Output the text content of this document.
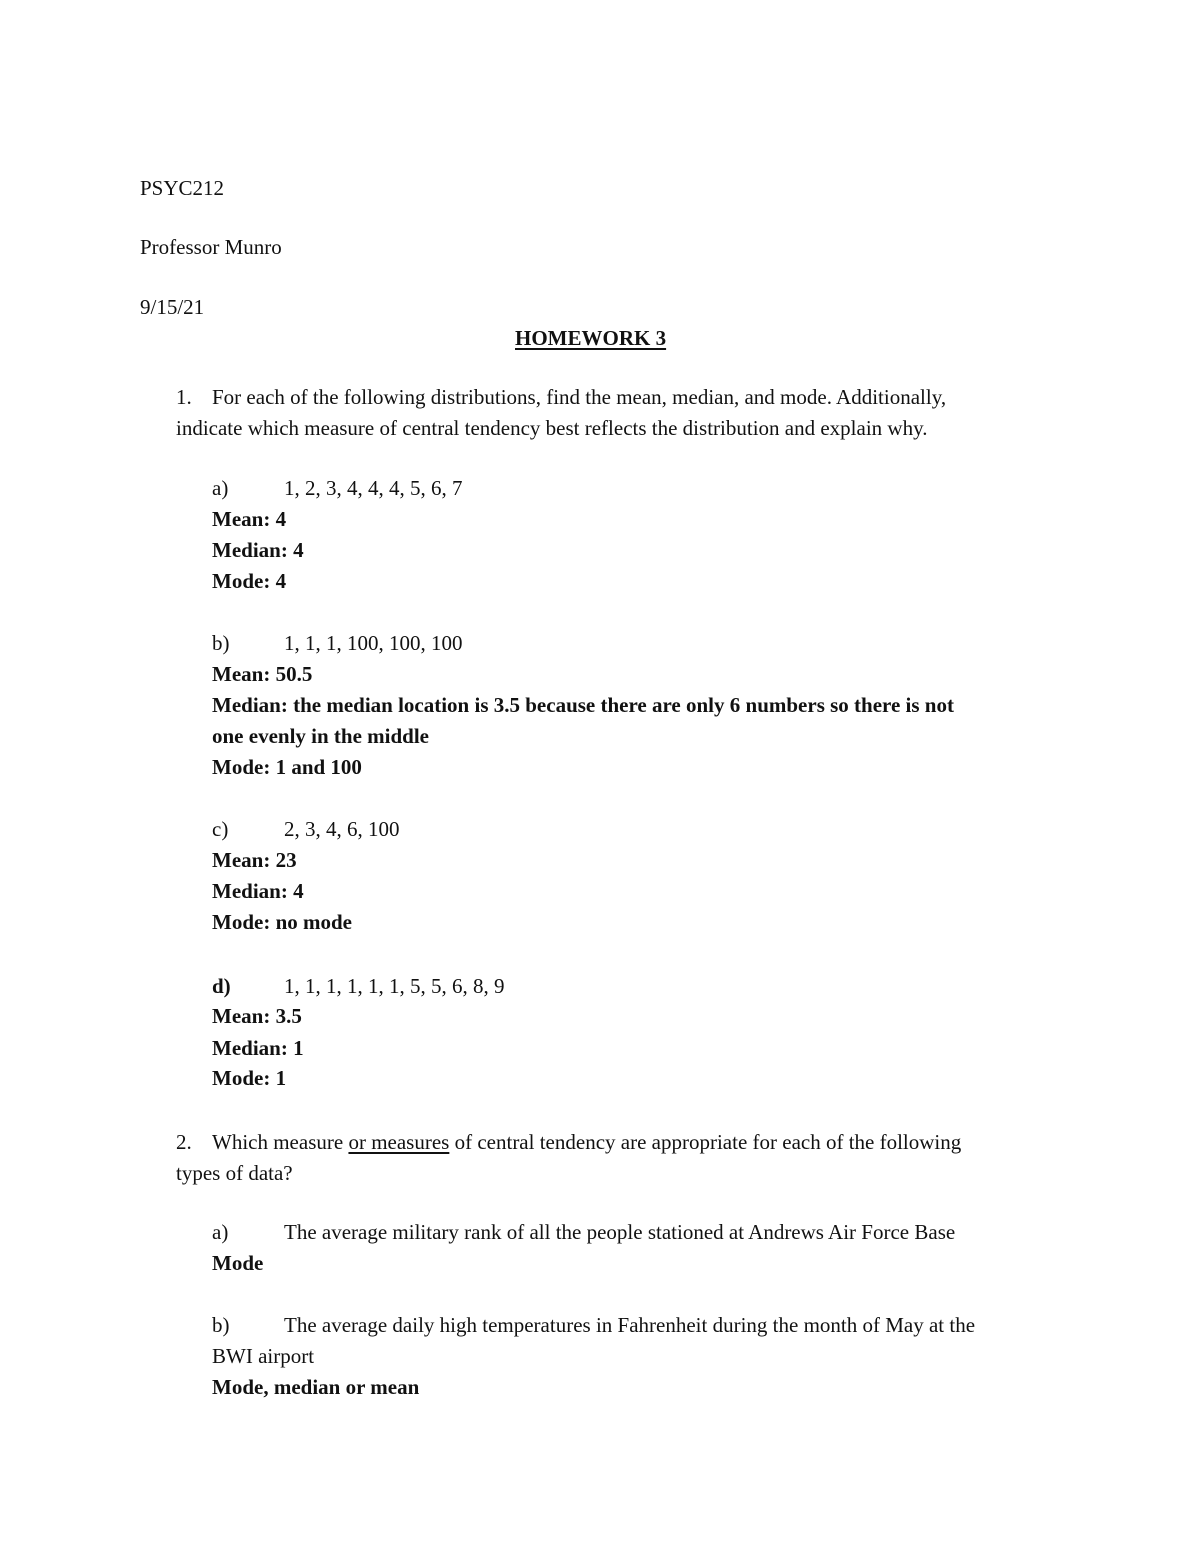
PSYC212
Professor Munro
9/15/21
HOMEWORK 3
1. For each of the following distributions, find the mean, median, and mode. Additionally,
indicate which measure of central tendency best reflects the distribution and explain why.
a)	1, 2, 3, 4, 4, 4, 5, 6, 7
Mean: 4
Median: 4
Mode: 4
b)	1, 1, 1, 100, 100, 100
Mean: 50.5
Median: the median location is 3.5 because there are only 6 numbers so there is not
one evenly in the middle
Mode: 1 and 100
c)	2, 3, 4, 6, 100
Mean: 23
Median: 4
Mode: no mode
d)	1, 1, 1, 1, 1, 1, 5, 5, 6, 8, 9
Mean: 3.5
Median: 1
Mode: 1
2. Which measure or measures of central tendency are appropriate for each of the following
types of data?
a)	The average military rank of all the people stationed at Andrews Air Force Base
Mode
b)	The average daily high temperatures in Fahrenheit during the month of May at the
BWI airport
Mode, median or mean
